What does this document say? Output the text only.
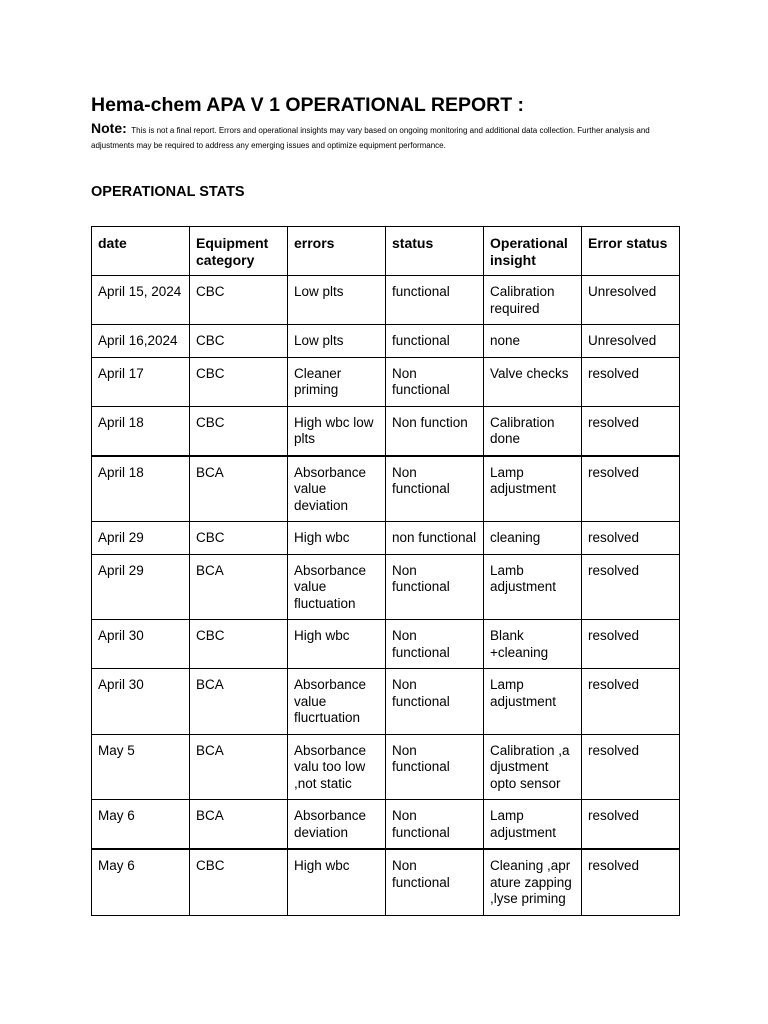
Hema-chem APA V 1 OPERATIONAL REPORT :
Note: This is not a final report. Errors and operational insights may vary based on ongoing monitoring and additional data collection. Further analysis and adjustments may be required to address any emerging issues and optimize equipment performance.
OPERATIONAL STATS
date	Equipment category	errors	status	Operational insight	Error status
April 15, 2024	CBC	Low plts	functional	Calibration required	Unresolved
April 16,2024	CBC	Low plts	functional	none	Unresolved
April 17	CBC	Cleaner priming	Non functional	Valve checks	resolved
April 18	CBC	High wbc low plts	Non function	Calibration done	resolved
April 18	BCA	Absorbance value deviation	Non functional	Lamp adjustment	resolved
April 29	CBC	High wbc	non functional	cleaning	resolved
April 29	BCA	Absorbance value fluctuation	Non functional	Lamb adjustment	resolved
April 30	CBC	High wbc	Non functional	Blank +cleaning	resolved
April 30	BCA	Absorbance value flucrtuation	Non functional	Lamp adjustment	resolved
May 5	BCA	Absorbance valu too low ,not static	Non functional	Calibration ,a djustment opto sensor	resolved
May 6	BCA	Absorbance deviation	Non functional	Lamp adjustment	resolved
May 6	CBC	High wbc	Non functional	Cleaning ,apr ature zapping ,lyse priming	resolved
